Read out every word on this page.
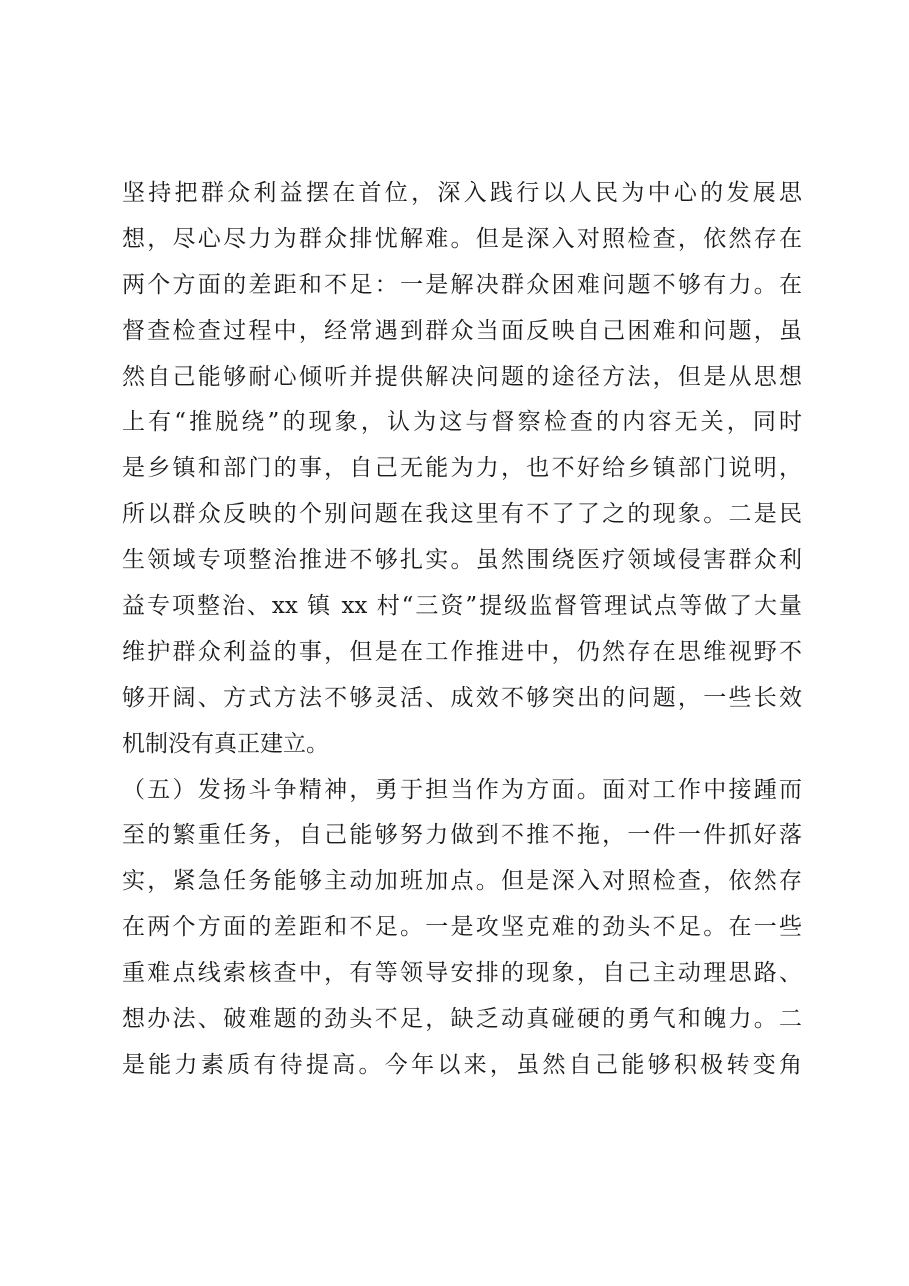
坚持把群众利益摆在首位，深入践行以人民为中心的发展思
想，尽心尽力为群众排忧解难。但是深入对照检查，依然存在
两个方面的差距和不足：一是解决群众困难问题不够有力。在
督查检查过程中，经常遇到群众当面反映自己困难和问题，虽
然自己能够耐心倾听并提供解决问题的途径方法，但是从思想
上有“推脱绕”的现象，认为这与督察检查的内容无关，同时
是乡镇和部门的事，自己无能为力，也不好给乡镇部门说明，
所以群众反映的个别问题在我这里有不了了之的现象。二是民
生领域专项整治推进不够扎实。虽然围绕医疗领域侵害群众利
益专项整治、xx 镇 xx 村“三资”提级监督管理试点等做了大量
维护群众利益的事，但是在工作推进中，仍然存在思维视野不
够开阔、方式方法不够灵活、成效不够突出的问题，一些长效
机制没有真正建立。
（五）发扬斗争精神，勇于担当作为方面。面对工作中接踵而
至的繁重任务，自己能够努力做到不推不拖，一件一件抓好落
实，紧急任务能够主动加班加点。但是深入对照检查，依然存
在两个方面的差距和不足。一是攻坚克难的劲头不足。在一些
重难点线索核查中，有等领导安排的现象，自己主动理思路、
想办法、破难题的劲头不足，缺乏动真碰硬的勇气和魄力。二
是能力素质有待提高。今年以来，虽然自己能够积极转变角
